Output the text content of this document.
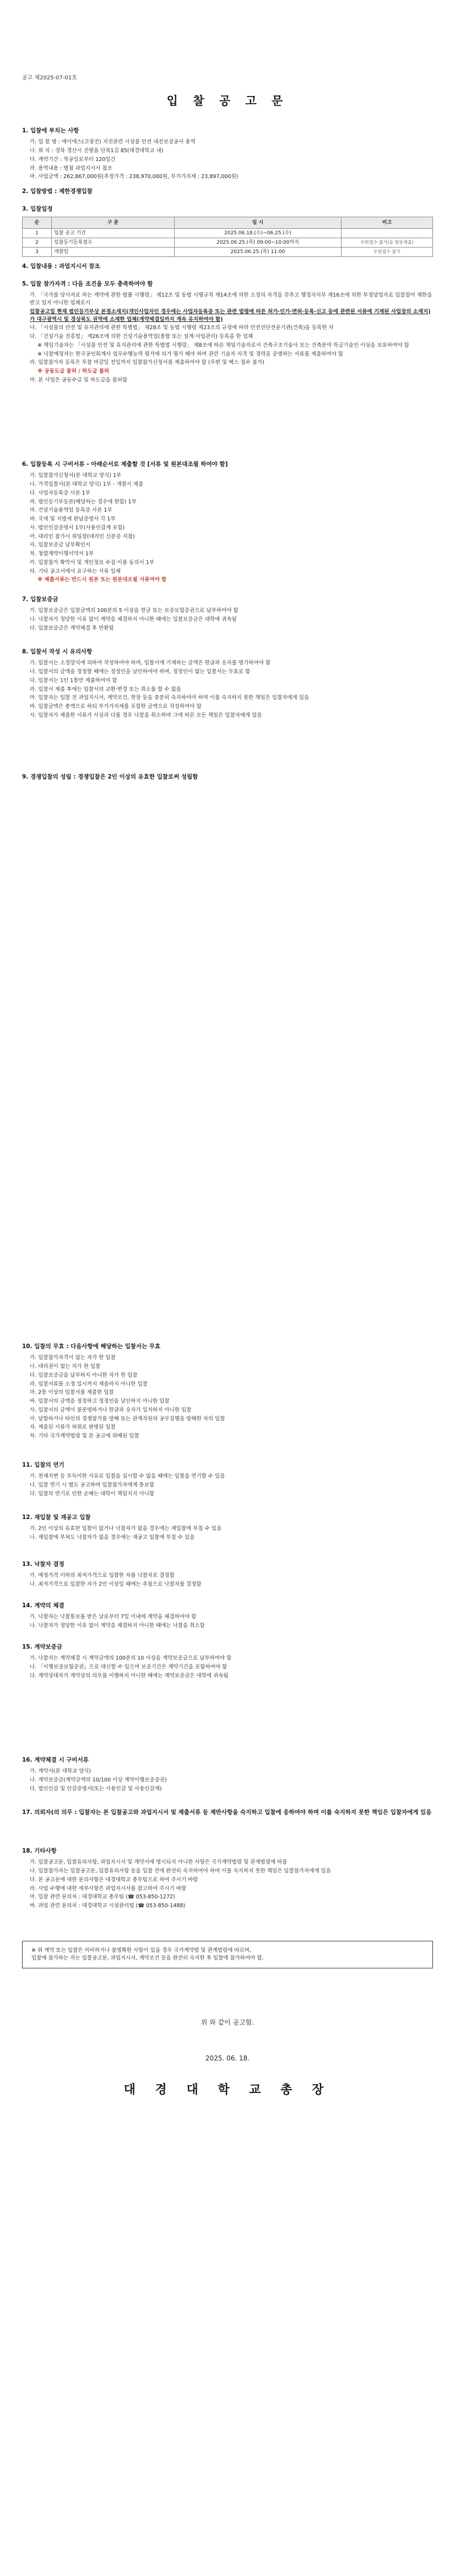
공고 제2025-07-01호
입 찰 공 고 문
1. 입찰에 부치는 사항
가. 입 찰 명 : 에이에스(고장진) 지진관련 시설물 안전 내진보강공사 용역
나. 위 치 : 경북 경산시 진량읍 단북1길 85(대경대학교 내)
다. 계약기간 : 착공일로부터 120일간
라. 용역내용 : 별첨 과업지시서 참조
마. 사업금액 : 262,867,000원(추정가격 : 238,970,000원, 부가가치세 : 23,897,000원)
2. 입찰방법 : 제한경쟁입찰
3. 입찰일정
순	구 분	일 시	비고
1	입찰 공고 기간	2025.06.18.(수)~06.25.(수)	
2	입찰등기등록접수	2025.06.25.(목) 09:00~10:00까지	우편접수 불가(등 방문제출)
3	개찰일	2025.06.25.(목) 11:00	우편접수 불가
4. 입찰내용 : 과업지시서 참조
5. 입찰 참가자격 : 다음 조건을 모두 충족하여야 함
가. 「국가를 당사자로 하는 계약에 관한 법률 시행령」 제12조 및 동법 시행규칙 제14조에 의한 소정의 자격을 갖추고 행정자치부 제16조에 의한 부정당업자로 입찰참여 제한을 받고 있지 아니한 업체로서
입찰공고일 현재 법인등기부상 본점소재지(개인사업자인 경우에는 사업자등록증 또는 관련 법령에 따른 허가·인가·면허·등록·신고 등에 관련된 서류에 기재된 사업장의 소재지)가 대구광역시 및 경상북도 권역에 소재한 업체(계약체결일까지 계속 유지하여야 함)
나. 「시설물의 안전 및 유지관리에 관한 특별법」 제28조 및 동법 시행령 제23조의 규정에 따라 안전진단전문기관(건축)을 등록한 자
다. 「건설기술 진흥법」 제26조에 의한 건설기술용역업(종합 또는 설계·사업관리) 등록을 한 업체
※ 책임기술자는 「시설물 안전 및 유지관리에 관한 특별법 시행령」 제8조에 따른 책임기술자로서 건축구조기술사 또는 건축분야 특급기술인 이상을 보유하여야 함
※ 낙찰예정자는 한국공인회계사 업무수행능력 평가에 의거 평가 해야 하며 관련 기술자 자격 및 경력을 증명하는 서류를 제출하여야 함
라. 입찰참가자 등록은 투찰 마감일 전일까지 입찰참가신청서를 제출하여야 함 (우편 및 팩스 접수 불가)
※ 공동도급 불허 / 하도급 불허
마. 본 사업은 공동수급 및 하도급을 불허함
6. 입찰등록 시 구비서류 - 아래순서로 제출할 것 [서류 및 원본대조필 하여야 함]
가. 입찰참가신청서(본 대학교 양식) 1부
나. 가격입찰서(본 대학교 양식) 1부 - 개찰시 제출
다. 사업자등록증 사본 1부
라. 법인등기부등본(해당하는 경우에 한함) 1부
마. 건설기술용역업 등록증 사본 1부
바. 국세 및 지방세 완납증명서 각 1부
사. 법인인감증명서 1부(사용인감계 포함)
아. 대리인 참가시 위임장(대리인 신분증 지참)
자. 입찰보증금 납부확인서
차. 청렴계약이행서약서 1부
카. 입찰참가 확약서 및 개인정보 수집·이용 동의서 1부
타. 기타 공고서에서 요구하는 서류 일체
※ 제출서류는 반드시 원본 또는 원본대조필 서류여야 함
7. 입찰보증금
가. 입찰보증금은 입찰금액의 100분의 5 이상을 현금 또는 보증보험증권으로 납부하여야 함
나. 낙찰자가 정당한 이유 없이 계약을 체결하지 아니한 때에는 입찰보증금은 대학에 귀속됨
다. 입찰보증금은 계약체결 후 반환함
8. 입찰서 작성 시 유의사항
가. 입찰서는 소정양식에 의하여 작성하여야 하며, 입찰서에 기재하는 금액은 한글과 숫자를 병기하여야 함
나. 입찰서의 금액을 정정할 때에는 정정인을 날인하여야 하며, 정정인이 없는 입찰서는 무효로 함
다. 입찰서는 1인 1통만 제출하여야 함
라. 입찰서 제출 후에는 입찰서의 교환·변경 또는 취소를 할 수 없음
마. 입찰자는 입찰 전 과업지시서, 계약조건, 현장 등을 충분히 숙지하여야 하며 이를 숙지하지 못한 책임은 입찰자에게 있음
바. 입찰금액은 총액으로 하되 부가가치세를 포함한 금액으로 작성하여야 함
사. 입찰자가 제출한 서류가 사실과 다를 경우 낙찰을 취소하며 그에 따른 모든 책임은 입찰자에게 있음
9. 경쟁입찰의 성립 : 경쟁입찰은 2인 이상의 유효한 입찰로써 성립함
10. 입찰의 무효 : 다음사항에 해당하는 입찰서는 무효
가. 입찰참가자격이 없는 자가 한 입찰
나. 대리권이 없는 자가 한 입찰
다. 입찰보증금을 납부하지 아니한 자가 한 입찰
라. 입찰서류를 소정 일시까지 제출하지 아니한 입찰
마. 2통 이상의 입찰서를 제출한 입찰
바. 입찰서의 금액을 정정하고 정정인을 날인하지 아니한 입찰
사. 입찰서의 금액이 불분명하거나 한글과 숫자가 일치하지 아니한 입찰
아. 담합하거나 타인의 경쟁참가를 방해 또는 관계직원의 공무집행을 방해한 자의 입찰
자. 제출된 서류가 허위로 판명된 입찰
차. 기타 국가계약법령 및 본 공고에 위배된 입찰
11. 입찰의 연기
가. 천재지변 등 부득이한 사유로 입찰을 실시할 수 없을 때에는 입찰을 연기할 수 있음
나. 입찰 연기 시 별도 공고하며 입찰참가자에게 통보함
다. 입찰의 연기로 인한 손해는 대학이 책임지지 아니함
12. 재입찰 및 재공고 입찰
가. 2인 이상의 유효한 입찰이 없거나 낙찰자가 없을 경우에는 재입찰에 부칠 수 있음
나. 재입찰에 부쳐도 낙찰자가 없을 경우에는 재공고 입찰에 부칠 수 있음
13. 낙찰자 결정
가. 예정가격 이하의 최저가격으로 입찰한 자를 낙찰자로 결정함
나. 최저가격으로 입찰한 자가 2인 이상일 때에는 추첨으로 낙찰자를 결정함
14. 계약의 체결
가. 낙찰자는 낙찰통보를 받은 날로부터 7일 이내에 계약을 체결하여야 함
나. 낙찰자가 정당한 이유 없이 계약을 체결하지 아니한 때에는 낙찰을 취소함
15. 계약보증금
가. 낙찰자는 계약체결 시 계약금액의 100분의 10 이상을 계약보증금으로 납부하여야 함
나. 「이행보증보험증권」으로 대신할 수 있으며 보증기간은 계약기간을 포함하여야 함
다. 계약상대자가 계약상의 의무를 이행하지 아니한 때에는 계약보증금은 대학에 귀속됨
16. 계약체결 시 구비서류
가. 계약서(본 대학교 양식)
나. 계약보증금(계약금액의 10/100 이상 계약이행보증증권)
다. 법인인감 및 인감증명서(또는 사용인감 및 사용인감계)
17. 의뢰자(의 의무 : 입찰자는 본 입찰공고와 과업지시서 및 제출서류 등 제반사항을 숙지하고 입찰에 응하여야 하며 이를 숙지하지 못한 책임은 입찰자에게 있음
18. 기타사항
가. 입찰공고문, 입찰유의사항, 과업지시서 및 계약서에 명시되지 아니한 사항은 국가계약법령 및 관계법령에 따름
나. 입찰참가자는 입찰공고문, 입찰유의사항 등을 입찰 전에 완전히 숙지하여야 하며 이를 숙지하지 못한 책임은 입찰참가자에게 있음
다. 본 공고문에 대한 문의사항은 대경대학교 총무팀으로 하여 주시기 바람
라. 사업 수행에 대한 세부사항은 과업지시서를 참고하여 주시기 바람
마. 입찰 관련 문의처 : 대경대학교 총무팀 (☎ 053-850-1272)
바. 과업 관련 문의처 : 대경대학교 시설관리팀 (☎ 053-850-1488)
※ 위 계약 또는 입찰은 미비하거나 불명확한 사항이 있을 경우 국가계약법 및 관계법령에 따르며,
입찰에 참가하는 자는 입찰공고문, 과업지시서, 계약조건 등을 완전히 숙지한 후 입찰에 참가하여야 함.
위 와 같이 공고함.
2025. 06. 18.
대 경 대 학 교 총 장
